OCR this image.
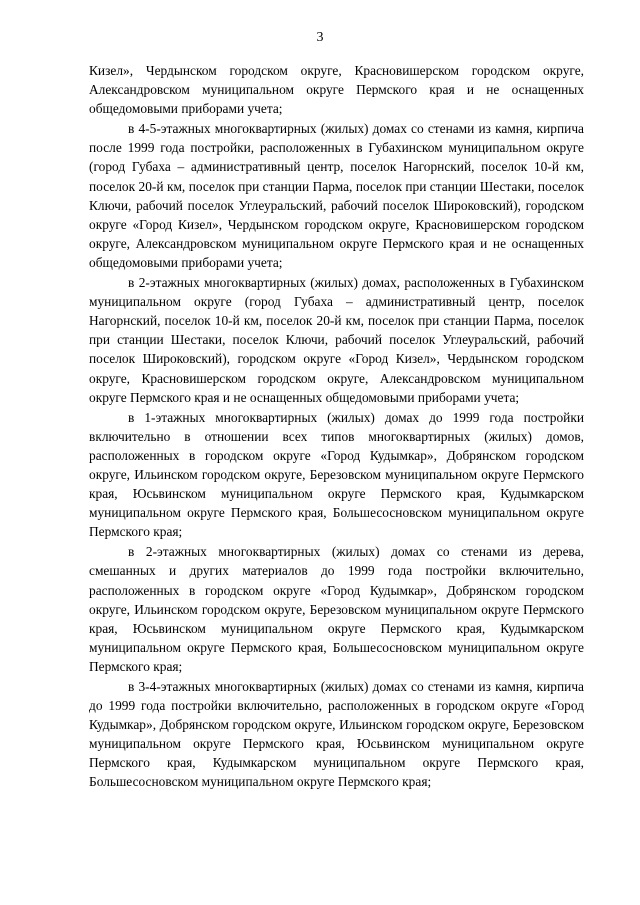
3

Кизел», Чердынском городском округе, Красновишерском городском округе, Александровском муниципальном округе Пермского края и не оснащенных общедомовыми приборами учета;

в 4-5-этажных многоквартирных (жилых) домах со стенами из камня, кирпича после 1999 года постройки, расположенных в Губахинском муниципальном округе (город Губаха – административный центр, поселок Нагорнский, поселок 10-й км, поселок 20-й км, поселок при станции Парма, поселок при станции Шестаки, поселок Ключи, рабочий поселок Углеуральский, рабочий поселок Широковский), городском округе «Город Кизел», Чердынском городском округе, Красновишерском городском округе, Александровском муниципальном округе Пермского края и не оснащенных общедомовыми приборами учета;

в 2-этажных многоквартирных (жилых) домах, расположенных в Губахинском муниципальном округе (город Губаха – административный центр, поселок Нагорнский, поселок 10-й км, поселок 20-й км, поселок при станции Парма, поселок при станции Шестаки, поселок Ключи, рабочий поселок Углеуральский, рабочий поселок Широковский), городском округе «Город Кизел», Чердынском городском округе, Красновишерском городском округе, Александровском муниципальном округе Пермского края и не оснащенных общедомовыми приборами учета;

в 1-этажных многоквартирных (жилых) домах до 1999 года постройки включительно в отношении всех типов многоквартирных (жилых) домов, расположенных в городском округе «Город Кудымкар», Добрянском городском округе, Ильинском городском округе, Березовском муниципальном округе Пермского края, Юсьвинском муниципальном округе Пермского края, Кудымкарском муниципальном округе Пермского края, Большесосновском муниципальном округе Пермского края;

в 2-этажных многоквартирных (жилых) домах со стенами из дерева, смешанных и других материалов до 1999 года постройки включительно, расположенных в городском округе «Город Кудымкар», Добрянском городском округе, Ильинском городском округе, Березовском муниципальном округе Пермского края, Юсьвинском муниципальном округе Пермского края, Кудымкарском муниципальном округе Пермского края, Большесосновском муниципальном округе Пермского края;

в 3-4-этажных многоквартирных (жилых) домах со стенами из камня, кирпича до 1999 года постройки включительно, расположенных в городском округе «Город Кудымкар», Добрянском городском округе, Ильинском городском округе, Березовском муниципальном округе Пермского края, Юсьвинском муниципальном округе Пермского края, Кудымкарском муниципальном округе Пермского края, Большесосновском муниципальном округе Пермского края;
